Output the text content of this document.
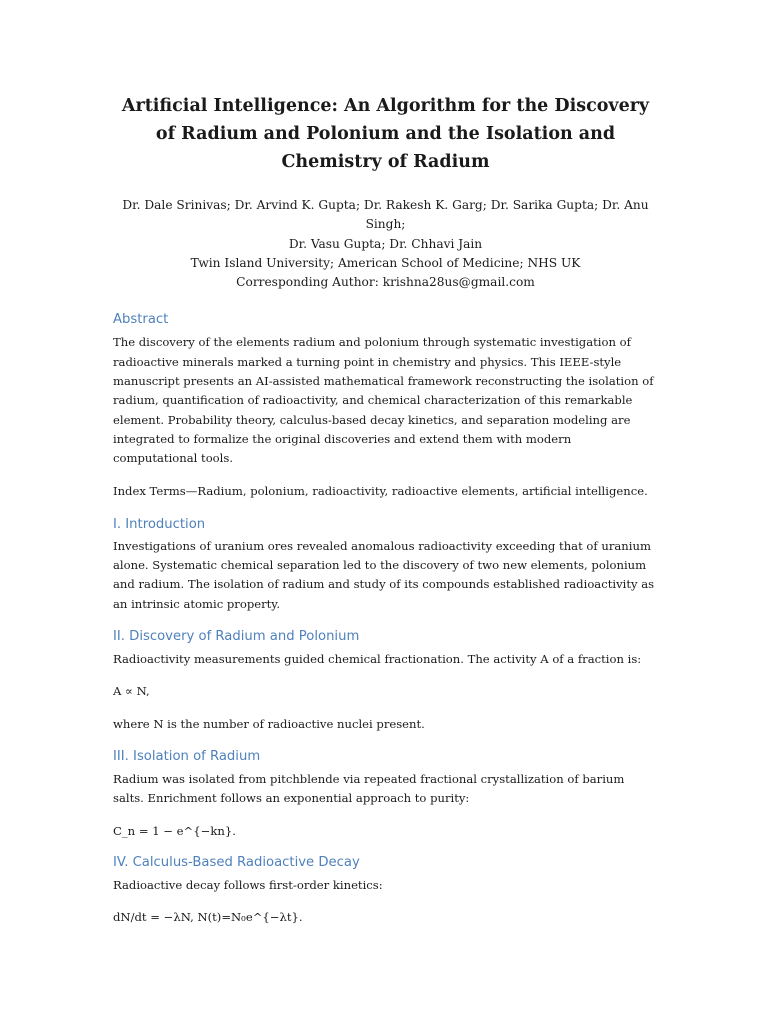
Artificial Intelligence: An Algorithm for the Discovery of Radium and Polonium and the Isolation and Chemistry of Radium
Dr. Dale Srinivas; Dr. Arvind K. Gupta; Dr. Rakesh K. Garg; Dr. Sarika Gupta; Dr. Anu Singh;
Dr. Vasu Gupta; Dr. Chhavi Jain
Twin Island University; American School of Medicine; NHS UK
Corresponding Author: krishna28us@gmail.com
Abstract

The discovery of the elements radium and polonium through systematic investigation of radioactive minerals marked a turning point in chemistry and physics. This IEEE-style manuscript presents an AI-assisted mathematical framework reconstructing the isolation of radium, quantification of radioactivity, and chemical characterization of this remarkable element. Probability theory, calculus-based decay kinetics, and separation modeling are integrated to formalize the original discoveries and extend them with modern computational tools.

Index Terms—Radium, polonium, radioactivity, radioactive elements, artificial intelligence.

I. Introduction

Investigations of uranium ores revealed anomalous radioactivity exceeding that of uranium alone. Systematic chemical separation led to the discovery of two new elements, polonium and radium. The isolation of radium and study of its compounds established radioactivity as an intrinsic atomic property.

II. Discovery of Radium and Polonium

Radioactivity measurements guided chemical fractionation. The activity A of a fraction is:

A ∝ N,

where N is the number of radioactive nuclei present.

III. Isolation of Radium

Radium was isolated from pitchblende via repeated fractional crystallization of barium salts. Enrichment follows an exponential approach to purity:

C_n = 1 − e^{−kn}.

IV. Calculus-Based Radioactive Decay

Radioactive decay follows first-order kinetics:

dN/dt = −λN, N(t)=N₀e^{−λt}.
